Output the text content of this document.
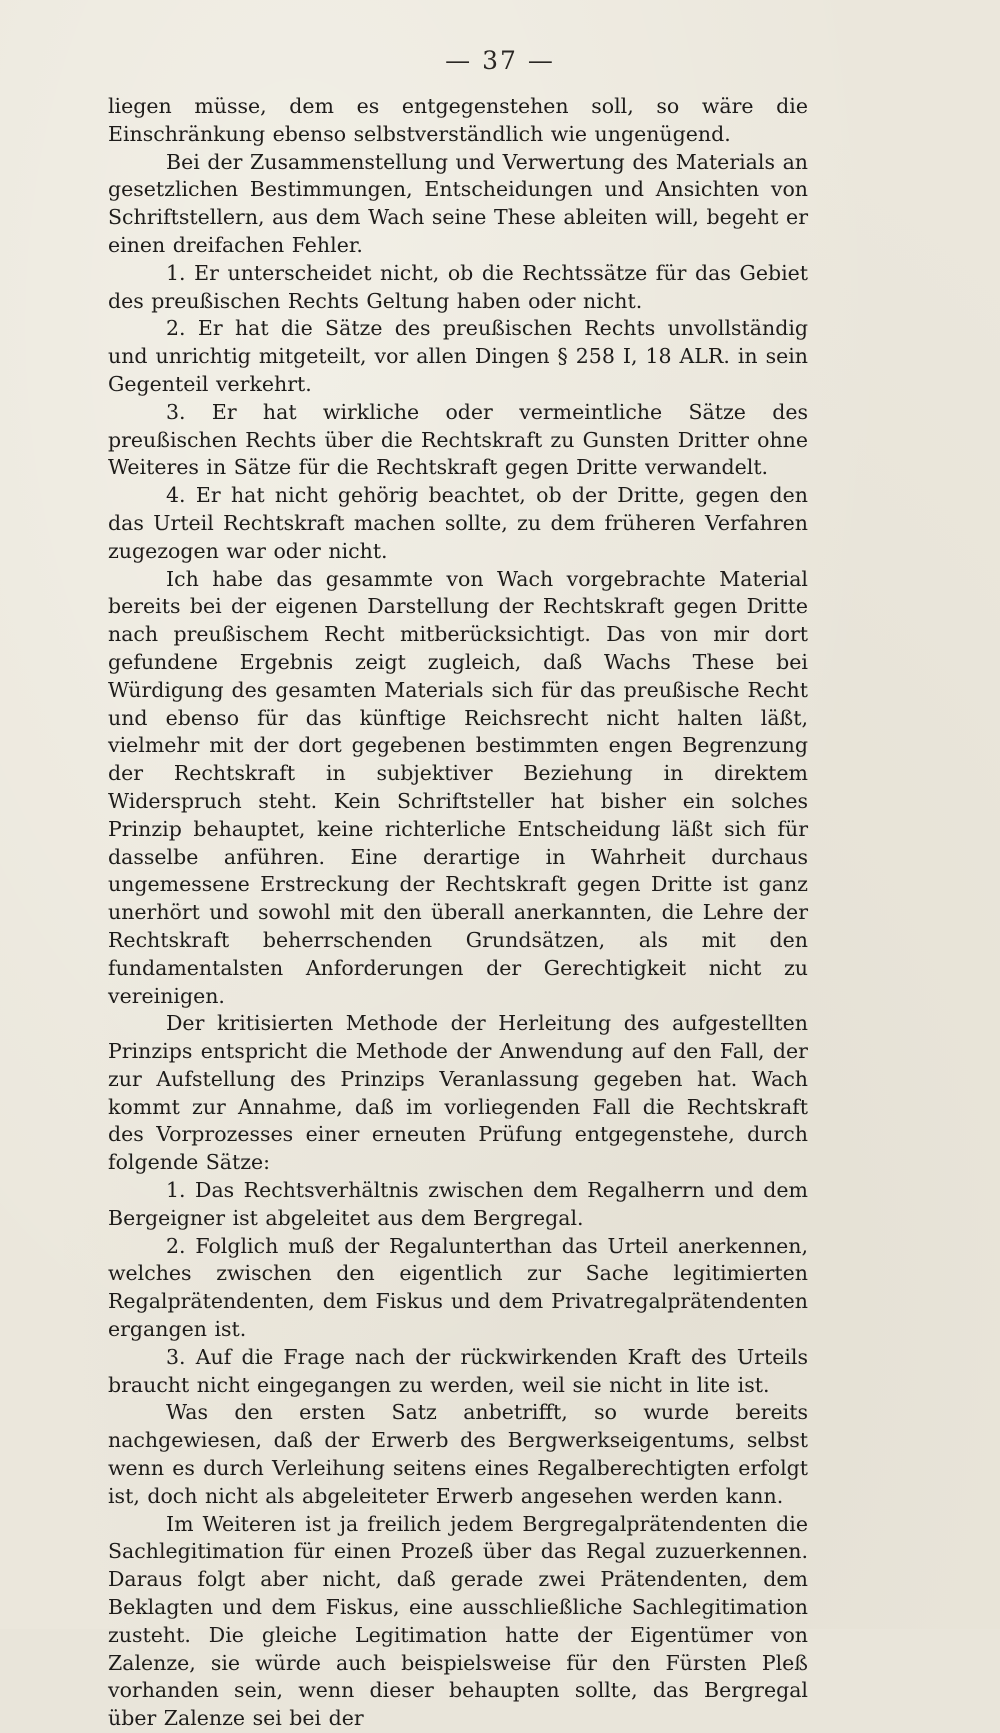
— 37 —

liegen müsse, dem es entgegenstehen soll, so wäre die Einschränkung ebenso selbstverständlich wie ungenügend.

Bei der Zusammenstellung und Verwertung des Materials an gesetzlichen Bestimmungen, Entscheidungen und Ansichten von Schriftstellern, aus dem Wach seine These ableiten will, begeht er einen dreifachen Fehler.

1. Er unterscheidet nicht, ob die Rechtssätze für das Gebiet des preußischen Rechts Geltung haben oder nicht.

2. Er hat die Sätze des preußischen Rechts unvollständig und unrichtig mitgeteilt, vor allen Dingen § 258 I, 18 ALR. in sein Gegenteil verkehrt.

3. Er hat wirkliche oder vermeintliche Sätze des preußischen Rechts über die Rechtskraft zu Gunsten Dritter ohne Weiteres in Sätze für die Rechtskraft gegen Dritte verwandelt.

4. Er hat nicht gehörig beachtet, ob der Dritte, gegen den das Urteil Rechtskraft machen sollte, zu dem früheren Verfahren zugezogen war oder nicht.

Ich habe das gesammte von Wach vorgebrachte Material bereits bei der eigenen Darstellung der Rechtskraft gegen Dritte nach preußischem Recht mitberücksichtigt. Das von mir dort gefundene Ergebnis zeigt zugleich, daß Wachs These bei Würdigung des gesamten Materials sich für das preußische Recht und ebenso für das künftige Reichsrecht nicht halten läßt, vielmehr mit der dort gegebenen bestimmten engen Begrenzung der Rechtskraft in subjektiver Beziehung in direktem Widerspruch steht. Kein Schriftsteller hat bisher ein solches Prinzip behauptet, keine richterliche Entscheidung läßt sich für dasselbe anführen. Eine derartige in Wahrheit durchaus ungemessene Erstreckung der Rechtskraft gegen Dritte ist ganz unerhört und sowohl mit den überall anerkannten, die Lehre der Rechtskraft beherrschenden Grundsätzen, als mit den fundamentalsten Anforderungen der Gerechtigkeit nicht zu vereinigen.

Der kritisierten Methode der Herleitung des aufgestellten Prinzips entspricht die Methode der Anwendung auf den Fall, der zur Aufstellung des Prinzips Veranlassung gegeben hat. Wach kommt zur Annahme, daß im vorliegenden Fall die Rechtskraft des Vorprozesses einer erneuten Prüfung entgegenstehe, durch folgende Sätze:

1. Das Rechtsverhältnis zwischen dem Regalherrn und dem Bergeigner ist abgeleitet aus dem Bergregal.

2. Folglich muß der Regalunterthan das Urteil anerkennen, welches zwischen den eigentlich zur Sache legitimierten Regalprätendenten, dem Fiskus und dem Privatregalprätendenten ergangen ist.

3. Auf die Frage nach der rückwirkenden Kraft des Urteils braucht nicht eingegangen zu werden, weil sie nicht in lite ist.

Was den ersten Satz anbetrifft, so wurde bereits nachgewiesen, daß der Erwerb des Bergwerkseigentums, selbst wenn es durch Verleihung seitens eines Regalberechtigten erfolgt ist, doch nicht als abgeleiteter Erwerb angesehen werden kann.

Im Weiteren ist ja freilich jedem Bergregalprätendenten die Sachlegitimation für einen Prozeß über das Regal zuzuerkennen. Daraus folgt aber nicht, daß gerade zwei Prätendenten, dem Beklagten und dem Fiskus, eine ausschließliche Sachlegitimation zusteht. Die gleiche Legitimation hatte der Eigentümer von Zalenze, sie würde auch beispielsweise für den Fürsten Pleß vorhanden sein, wenn dieser behaupten sollte, das Bergregal über Zalenze sei bei der
